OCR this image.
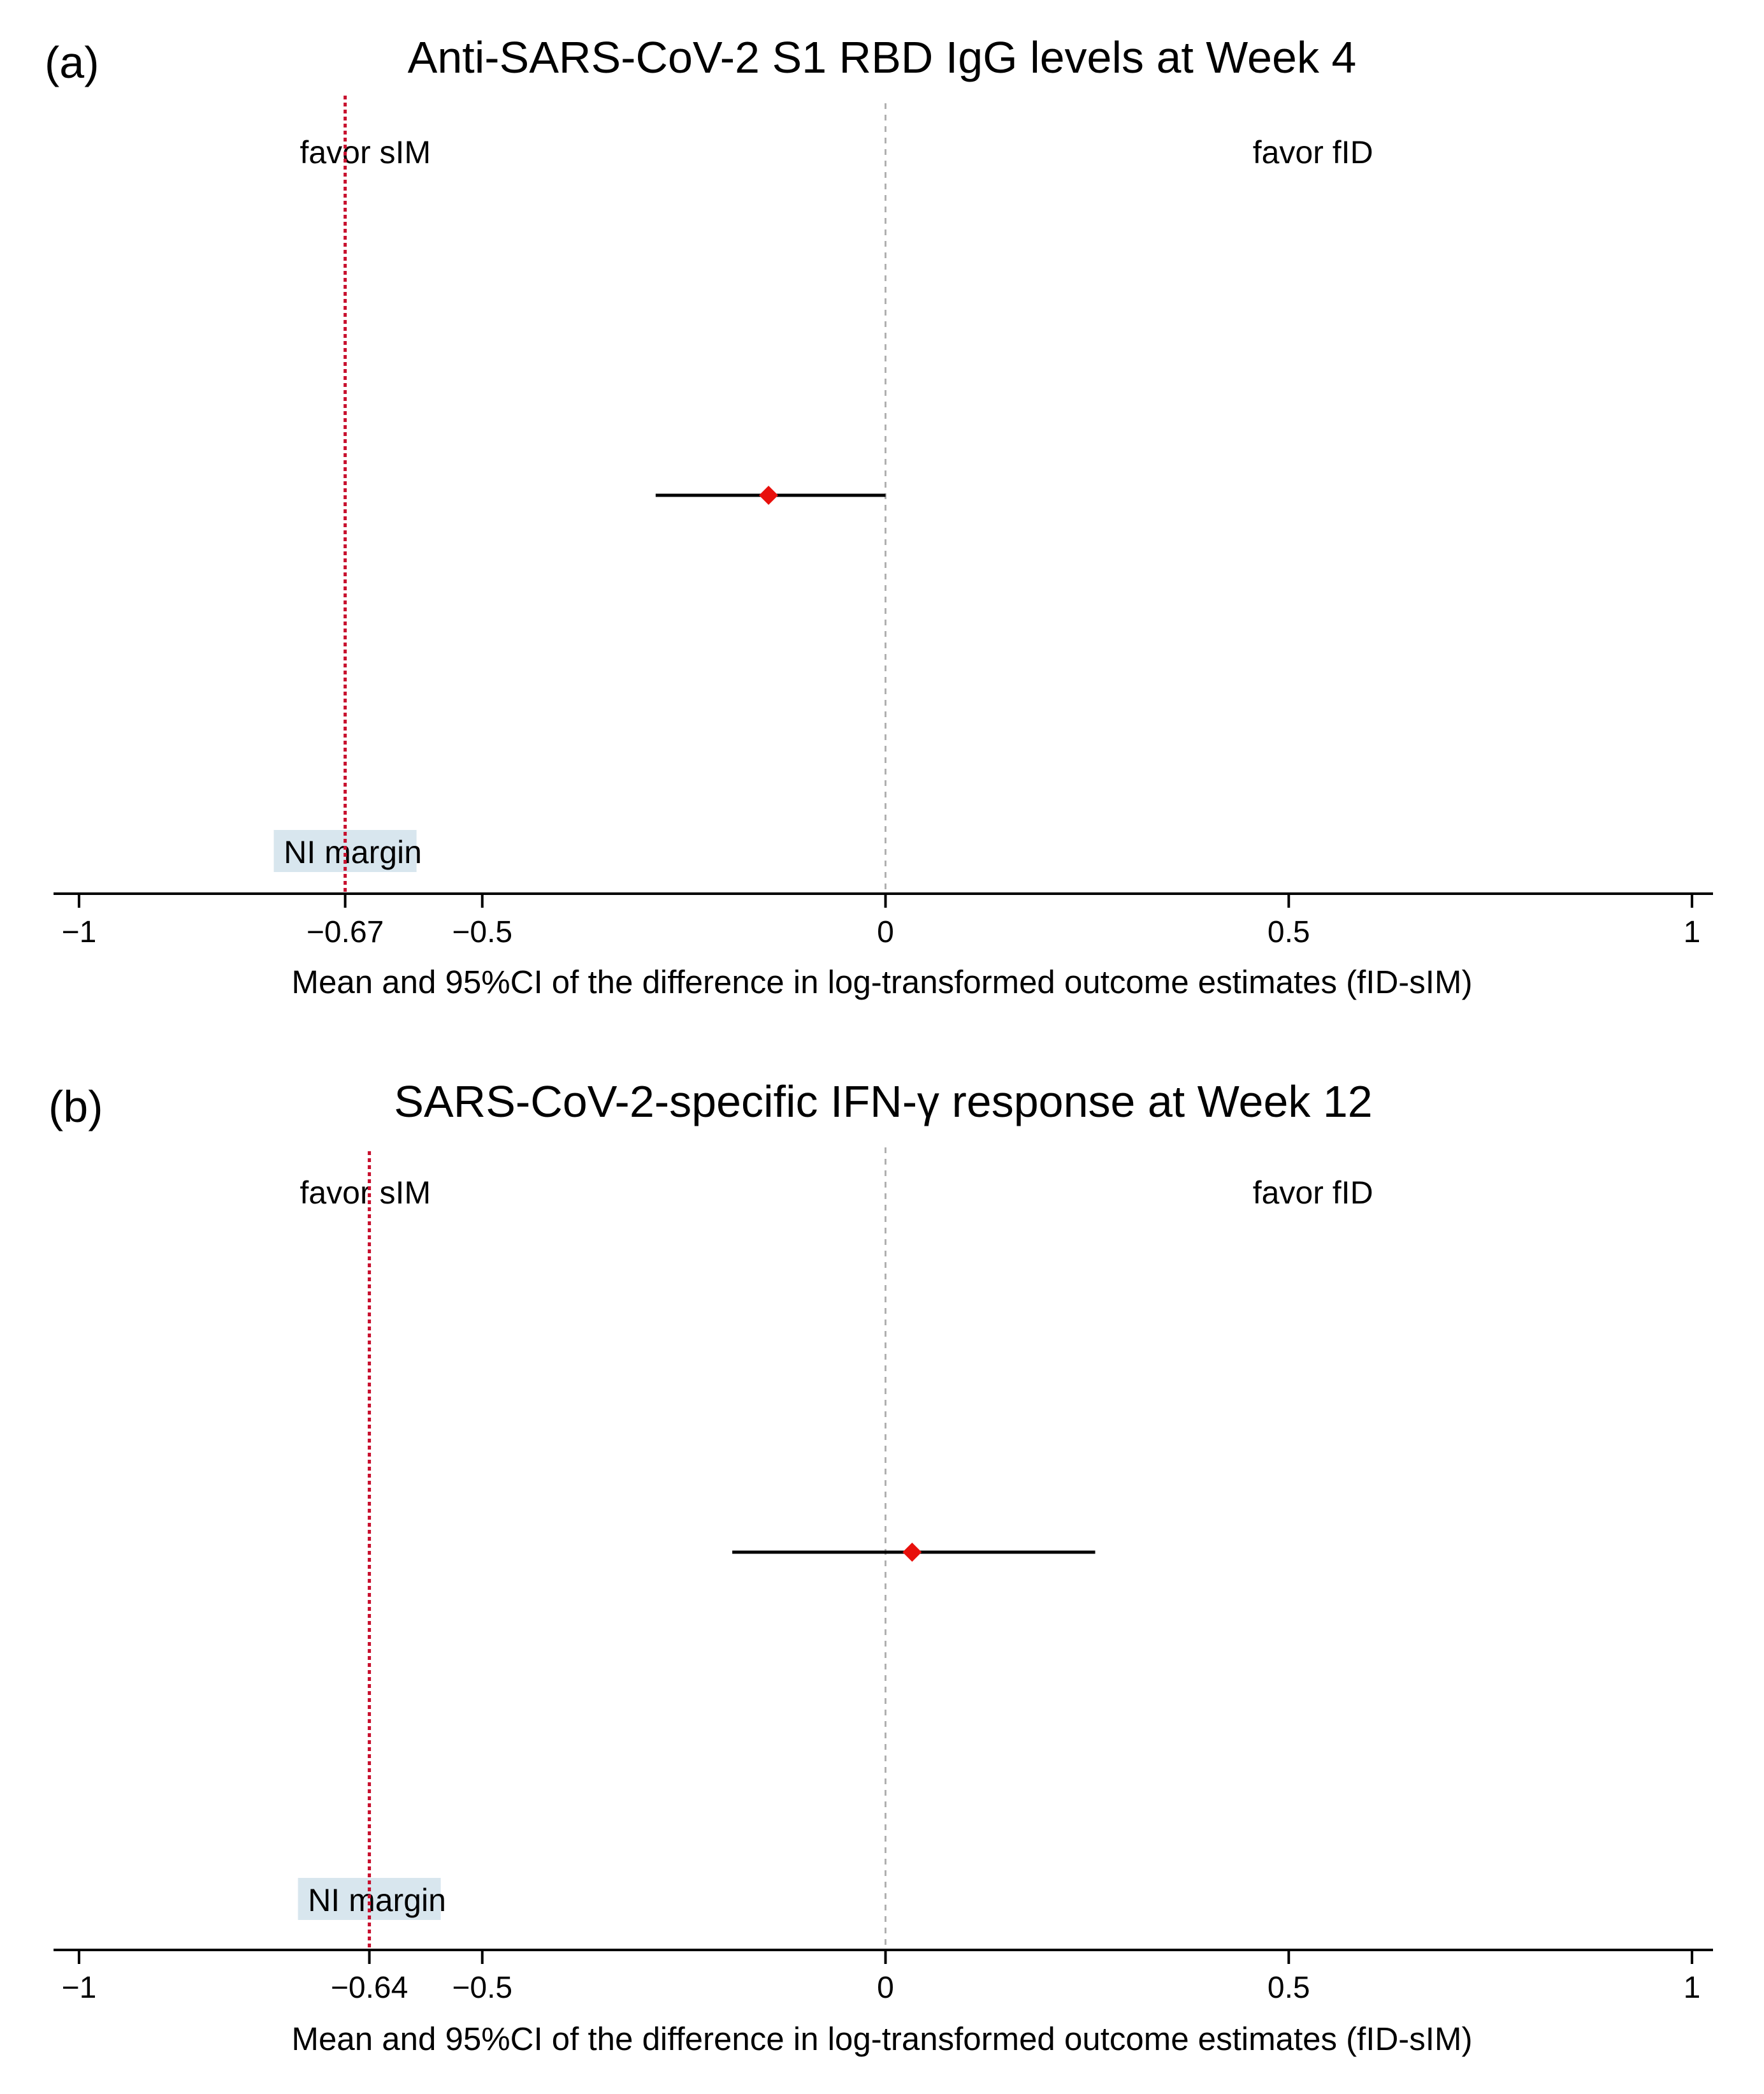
(a)	Anti-SARS-CoV-2 S1 RBD IgG levels at Week 4
favor sIM	favor fID
NI margin
−1	−0.67 −0.5	0	0.5	1
Mean and 95%CI of the difference in log-transformed outcome estimates (fID-sIM)
(b)	SARS-CoV-2-specific IFN-γ response at Week 12
favor sIM	favor fID
NI margin
−1	−0.64 −0.5	0	0.5	1
Mean and 95%CI of the difference in log-transformed outcome estimates (fID-sIM)
